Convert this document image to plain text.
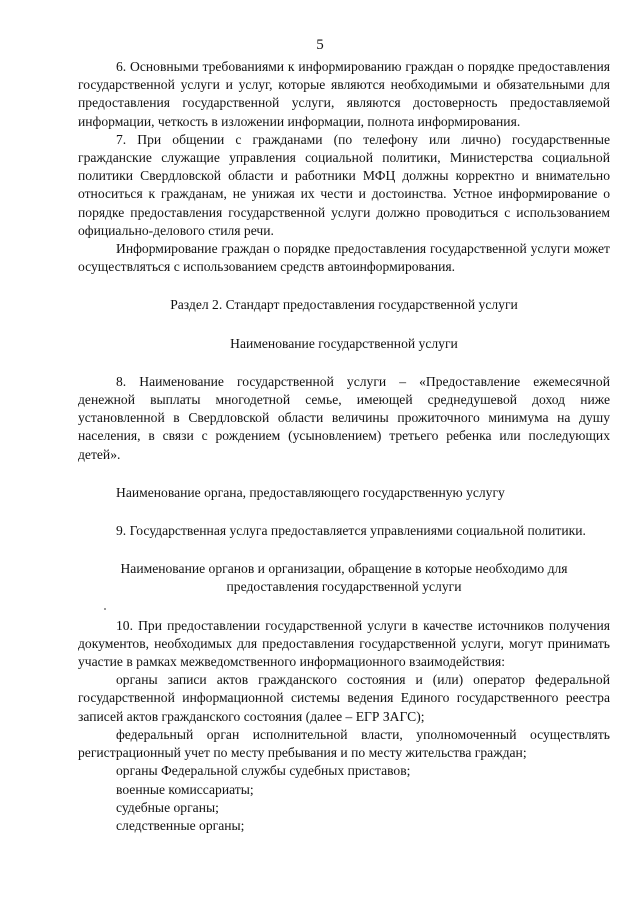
5

6. Основными требованиями к информированию граждан о порядке предоставления государственной услуги и услуг, которые являются необходимыми и обязательными для предоставления государственной услуги, являются достоверность предоставляемой информации, четкость в изложении информации, полнота информирования.

7. При общении с гражданами (по телефону или лично) государственные гражданские служащие управления социальной политики, Министерства социальной политики Свердловской области и работники МФЦ должны корректно и внимательно относиться к гражданам, не унижая их чести и достоинства. Устное информирование о порядке предоставления государственной услуги должно проводиться с использованием официально-делового стиля речи.

Информирование граждан о порядке предоставления государственной услуги может осуществляться с использованием средств автоинформирования.

Раздел 2. Стандарт предоставления государственной услуги

Наименование государственной услуги

8. Наименование государственной услуги – «Предоставление ежемесячной денежной выплаты многодетной семье, имеющей среднедушевой доход ниже установленной в Свердловской области величины прожиточного минимума на душу населения, в связи с рождением (усыновлением) третьего ребенка или последующих детей».

Наименование органа, предоставляющего государственную услугу

9. Государственная услуга предоставляется управлениями социальной политики.

Наименование органов и организации, обращение в которые необходимо для предоставления государственной услуги

10. При предоставлении государственной услуги в качестве источников получения документов, необходимых для предоставления государственной услуги, могут принимать участие в рамках межведомственного информационного взаимодействия:

органы записи актов гражданского состояния и (или) оператор федеральной государственной информационной системы ведения Единого государственного реестра записей актов гражданского состояния (далее – ЕГР ЗАГС);

федеральный орган исполнительной власти, уполномоченный осуществлять регистрационный учет по месту пребывания и по месту жительства граждан;

органы Федеральной службы судебных приставов;

военные комиссариаты;

судебные органы;

следственные органы;
